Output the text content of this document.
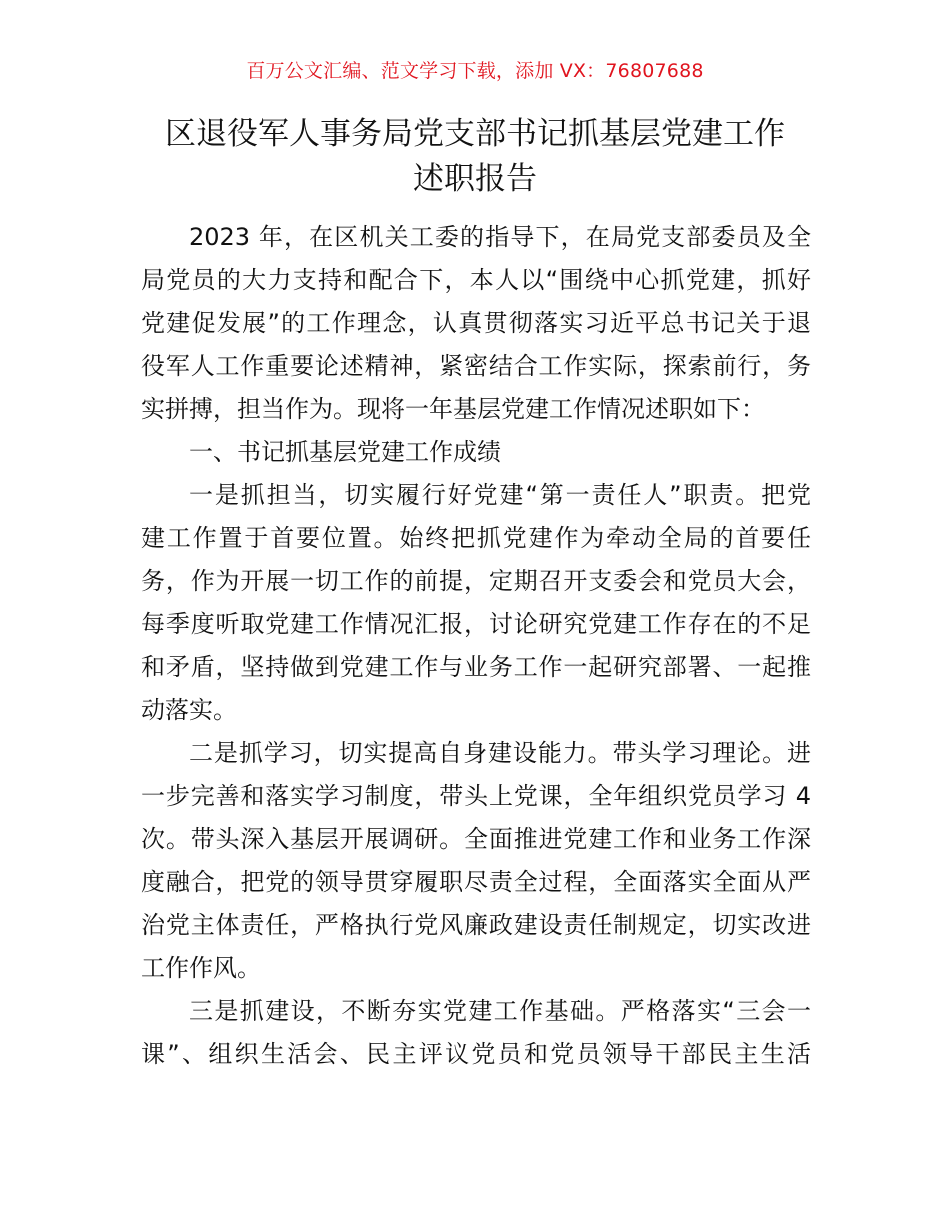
百万公文汇编、范文学习下载，添加 VX：76807688
区退役军人事务局党支部书记抓基层党建工作
述职报告
2023 年，在区机关工委的指导下，在局党支部委员及全
局党员的大力支持和配合下，本人以“围绕中心抓党建，抓好
党建促发展”的工作理念，认真贯彻落实习近平总书记关于退
役军人工作重要论述精神，紧密结合工作实际，探索前行，务
实拼搏，担当作为。现将一年基层党建工作情况述职如下：
一、书记抓基层党建工作成绩
一是抓担当，切实履行好党建“第一责任人”职责。把党
建工作置于首要位置。始终把抓党建作为牵动全局的首要任
务，作为开展一切工作的前提，定期召开支委会和党员大会，
每季度听取党建工作情况汇报，讨论研究党建工作存在的不足
和矛盾，坚持做到党建工作与业务工作一起研究部署、一起推
动落实。
二是抓学习，切实提高自身建设能力。带头学习理论。进
一步完善和落实学习制度，带头上党课，全年组织党员学习 4
次。带头深入基层开展调研。全面推进党建工作和业务工作深
度融合，把党的领导贯穿履职尽责全过程，全面落实全面从严
治党主体责任，严格执行党风廉政建设责任制规定，切实改进
工作作风。
三是抓建设，不断夯实党建工作基础。严格落实“三会一
课”、组织生活会、民主评议党员和党员领导干部民主生活
